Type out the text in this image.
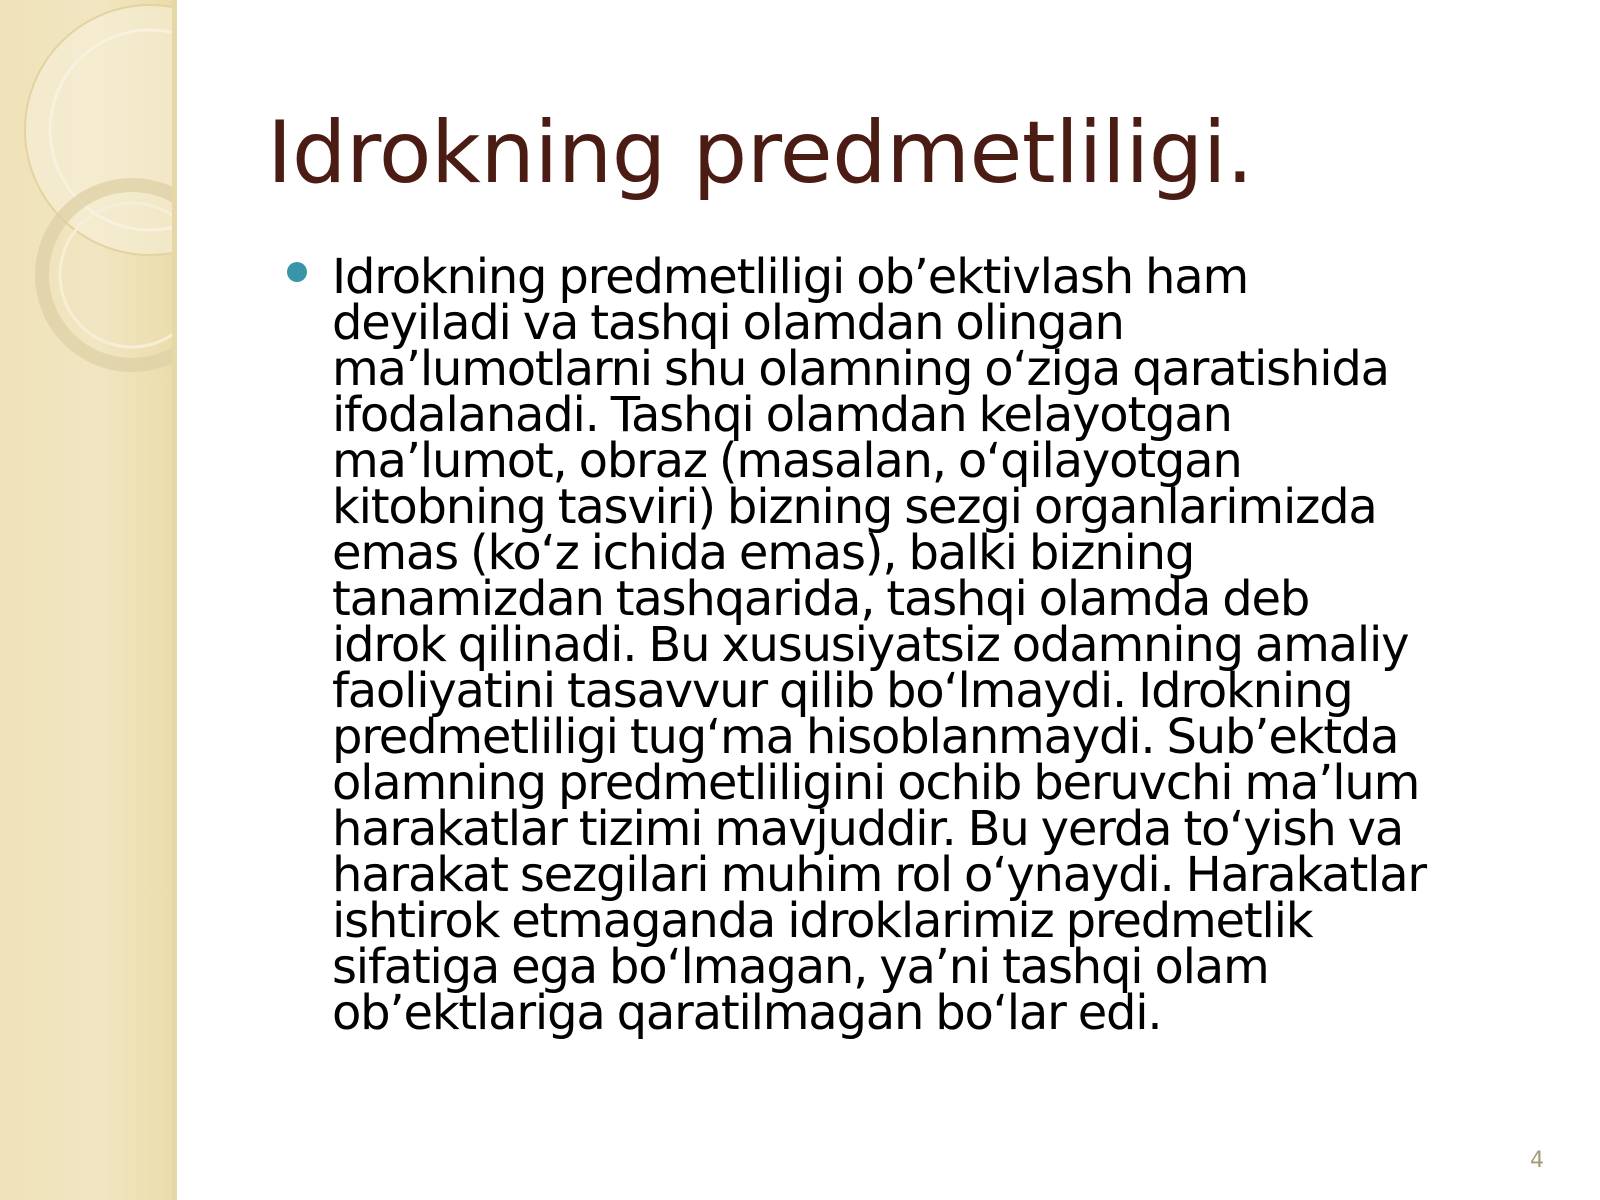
Idrokning predmetliligi.

Idrokning predmetliligi ob’ektivlash ham
deyiladi va tashqi olamdan olingan
ma’lumotlarni shu olamning o‘ziga qaratishida
ifodalanadi. Tashqi olamdan kelayotgan
ma’lumot, obraz (masalan, o‘qilayotgan
kitobning tasviri) bizning sezgi organlarimizda
emas (ko‘z ichida emas), balki bizning
tanamizdan tashqarida, tashqi olamda deb
idrok qilinadi. Bu xususiyatsiz odamning amaliy
faoliyatini tasavvur qilib bo‘lmaydi. Idrokning
predmetliligi tug‘ma hisoblanmaydi. Sub’ektda
olamning predmetliligini ochib beruvchi ma’lum
harakatlar tizimi mavjuddir. Bu yerda to‘yish va
harakat sezgilari muhim rol o‘ynaydi. Harakatlar
ishtirok etmaganda idroklarimiz predmetlik
sifatiga ega bo‘lmagan, ya’ni tashqi olam
ob’ektlariga qaratilmagan bo‘lar edi.

4
